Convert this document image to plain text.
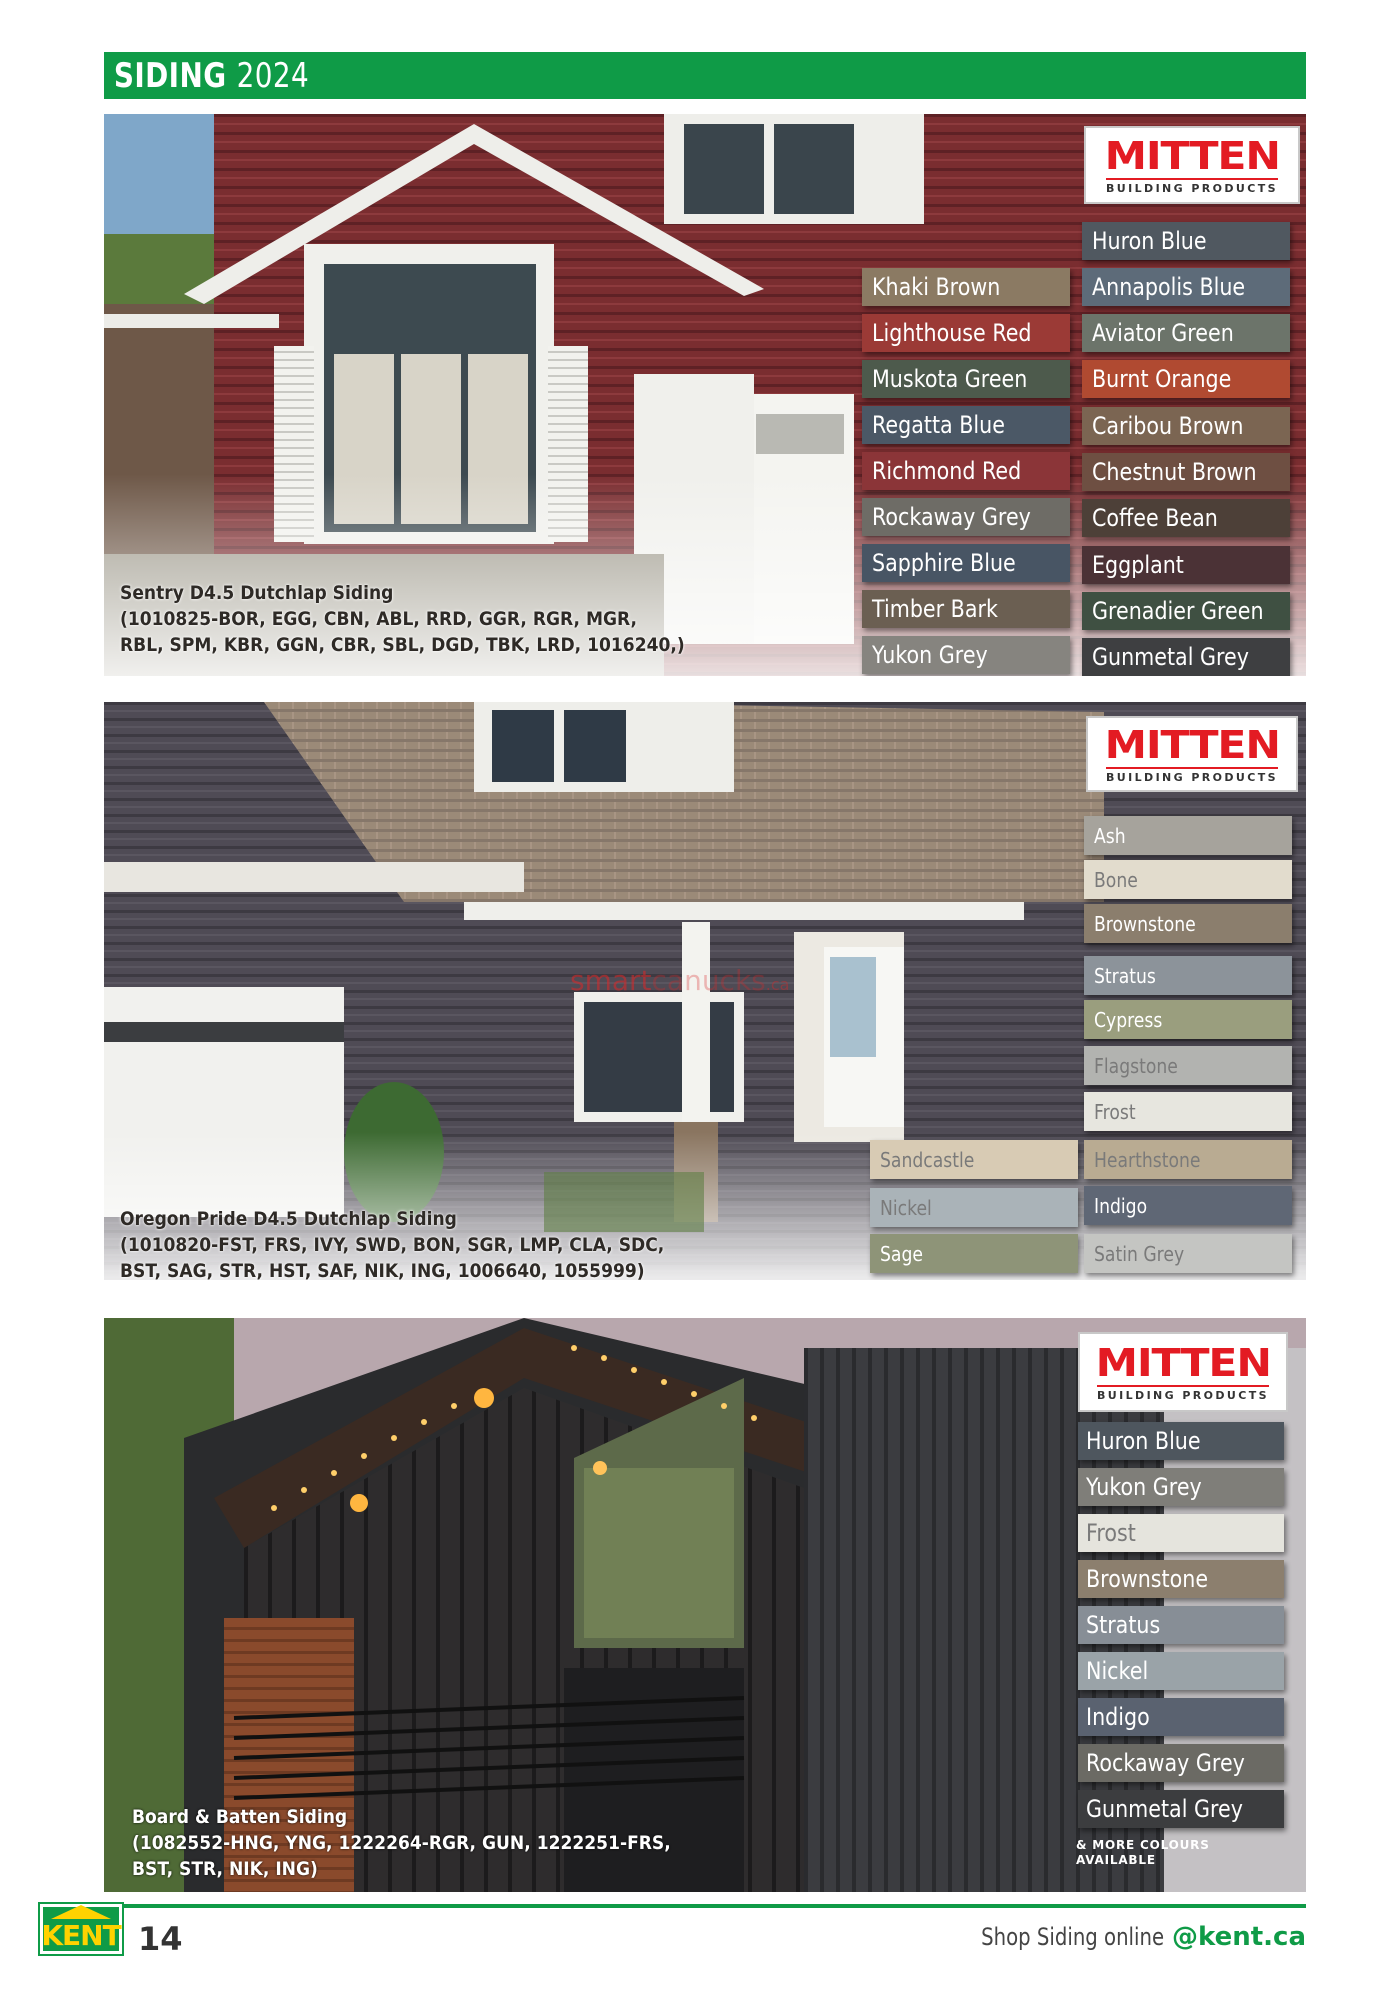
SIDING 2024
MITTEN
BUILDING PRODUCTS
Khaki Brown
Lighthouse Red
Muskota Green
Regatta Blue
Richmond Red
Rockaway Grey
Sapphire Blue
Timber Bark
Yukon Grey
Huron Blue
Annapolis Blue
Aviator Green
Burnt Orange
Caribou Brown
Chestnut Brown
Coffee Bean
Eggplant
Grenadier Green
Gunmetal Grey
Sentry D4.5 Dutchlap Siding
(1010825-BOR, EGG, CBN, ABL, RRD, GGR, RGR, MGR,
RBL, SPM, KBR, GGN, CBR, SBL, DGD, TBK, LRD, 1016240,)
smartcanucks.ca
MITTEN
BUILDING PRODUCTS
Sandcastle
Nickel
Sage
Ash
Bone
Brownstone
Stratus
Cypress
Flagstone
Frost
Hearthstone
Indigo
Satin Grey
Oregon Pride D4.5 Dutchlap Siding
(1010820-FST, FRS, IVY, SWD, BON, SGR, LMP, CLA, SDC,
BST, SAG, STR, HST, SAF, NIK, ING, 1006640, 1055999)
MITTEN
BUILDING PRODUCTS
Huron Blue
Yukon Grey
Frost
Brownstone
Stratus
Nickel
Indigo
Rockaway Grey
Gunmetal Grey
& MORE COLOURS
AVAILABLE
Board & Batten Siding
(1082552-HNG, YNG, 1222264-RGR, GUN, 1222251-FRS,
BST, STR, NIK, ING)
KENT 14	Shop Siding online @kent.ca
